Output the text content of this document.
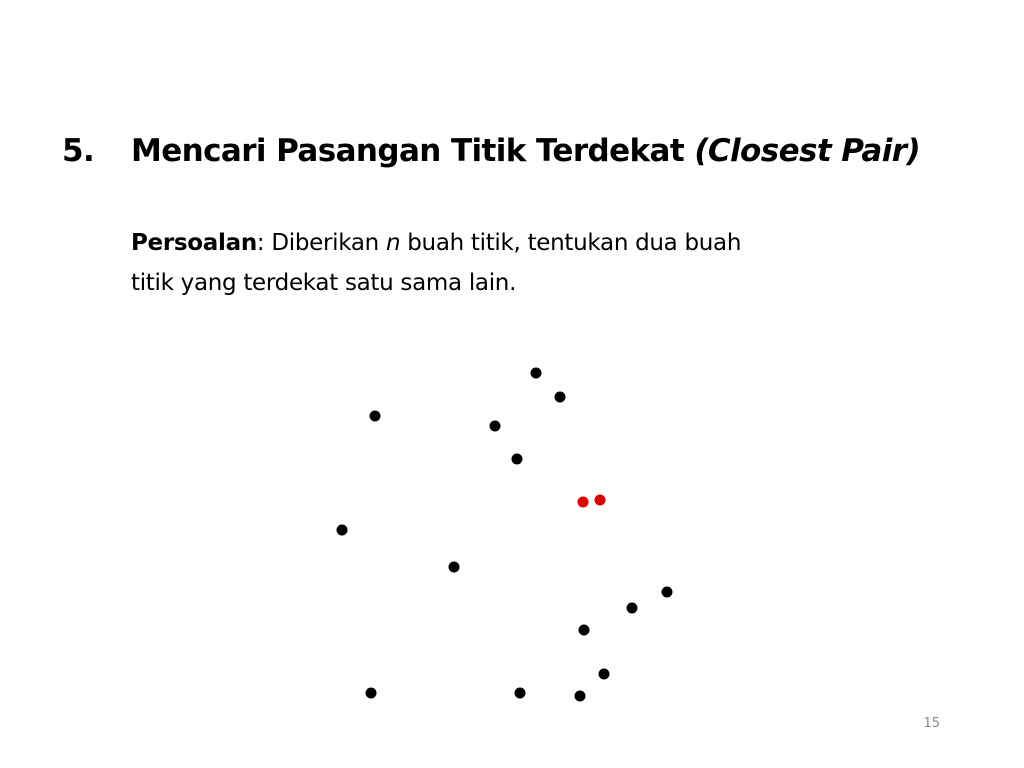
5. Mencari Pasangan Titik Terdekat (Closest Pair)
Persoalan: Diberikan n buah titik, tentukan dua buah
titik yang terdekat satu sama lain.
15
